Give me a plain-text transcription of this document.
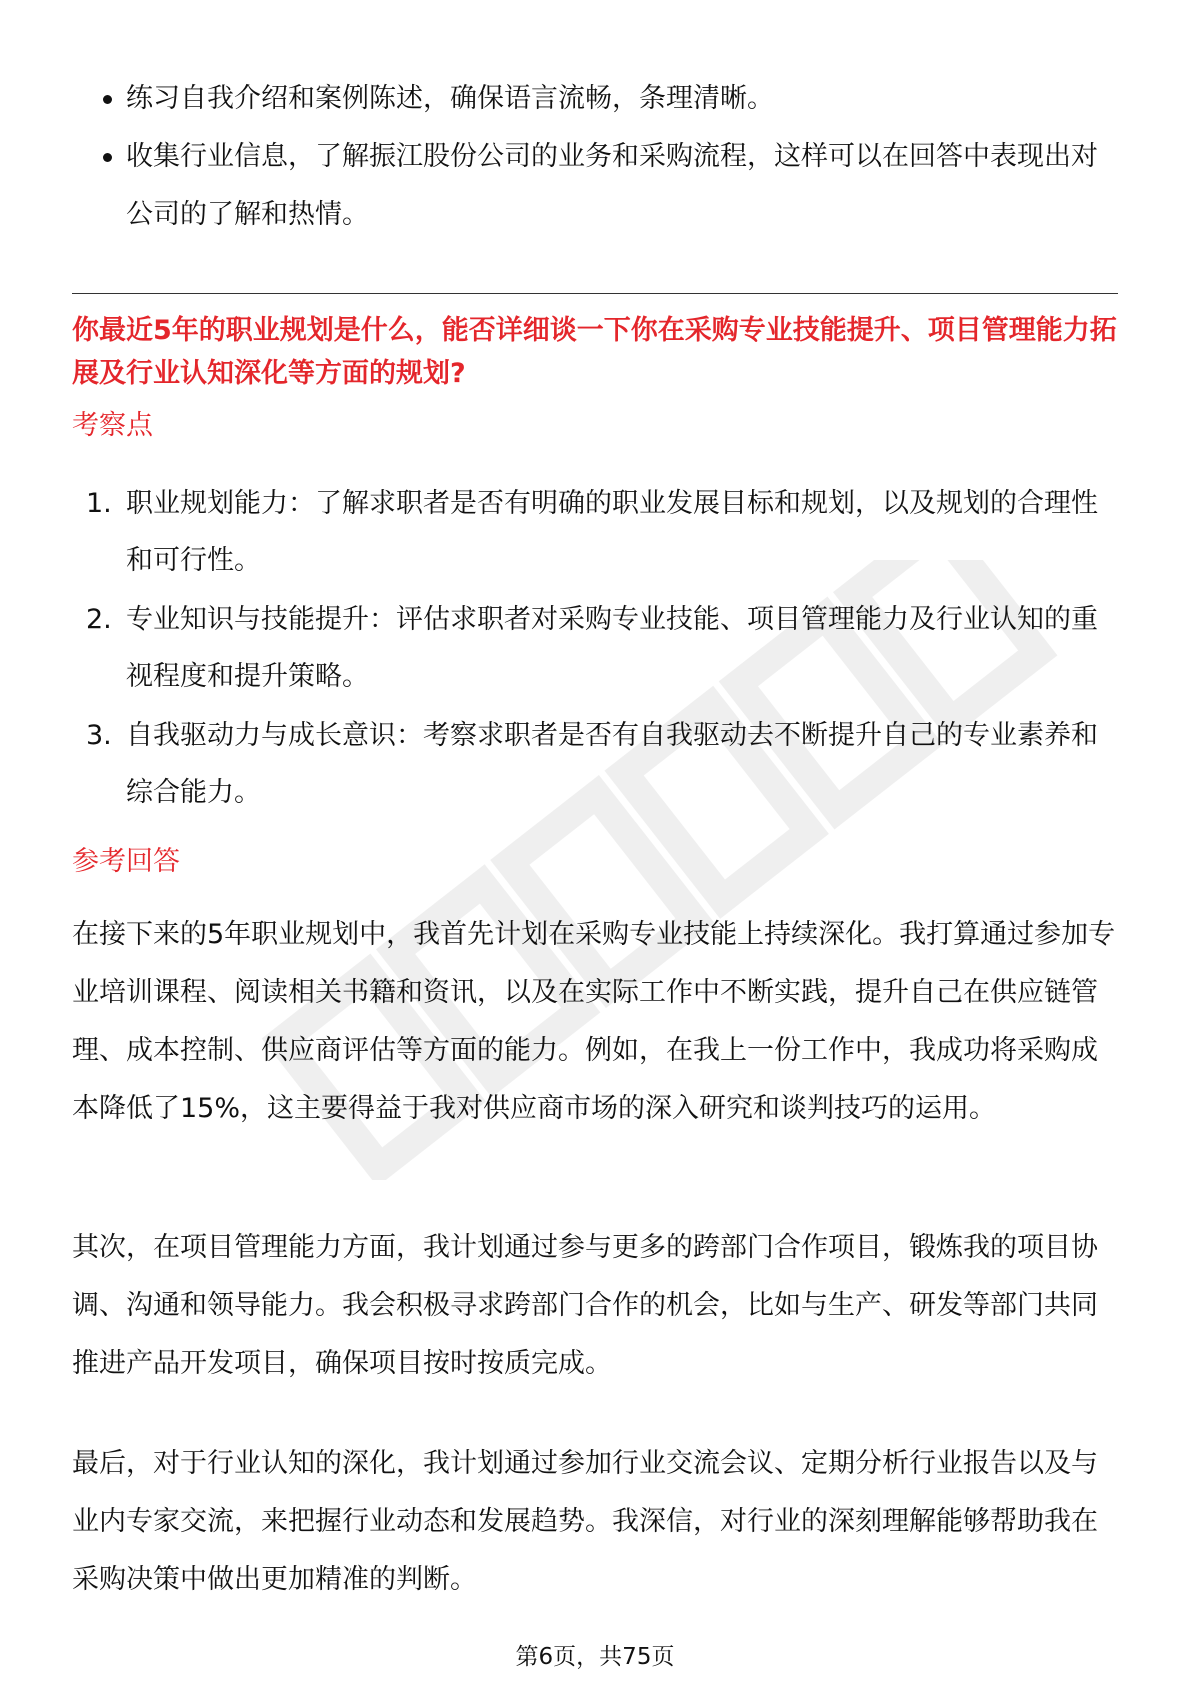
练习自我介绍和案例陈述，确保语言流畅，条理清晰。
收集行业信息，了解振江股份公司的业务和采购流程，这样可以在回答中表现出对公司的了解和热情。
你最近5年的职业规划是什么，能否详细谈一下你在采购专业技能提升、项目管理能力拓展及行业认知深化等方面的规划?
考察点
1. 职业规划能力：了解求职者是否有明确的职业发展目标和规划，以及规划的合理性和可行性。
2. 专业知识与技能提升：评估求职者对采购专业技能、项目管理能力及行业认知的重视程度和提升策略。
3. 自我驱动力与成长意识：考察求职者是否有自我驱动去不断提升自己的专业素养和综合能力。
参考回答

在接下来的5年职业规划中，我首先计划在采购专业技能上持续深化。我打算通过参加专业培训课程、阅读相关书籍和资讯，以及在实际工作中不断实践，提升自己在供应链管理、成本控制、供应商评估等方面的能力。例如，在我上一份工作中，我成功将采购成本降低了15%，这主要得益于我对供应商市场的深入研究和谈判技巧的运用。

其次，在项目管理能力方面，我计划通过参与更多的跨部门合作项目，锻炼我的项目协调、沟通和领导能力。我会积极寻求跨部门合作的机会，比如与生产、研发等部门共同推进产品开发项目，确保项目按时按质完成。

最后，对于行业认知的深化，我计划通过参加行业交流会议、定期分析行业报告以及与业内专家交流，来把握行业动态和发展趋势。我深信，对行业的深刻理解能够帮助我在采购决策中做出更加精准的判断。

第6页，共75页
